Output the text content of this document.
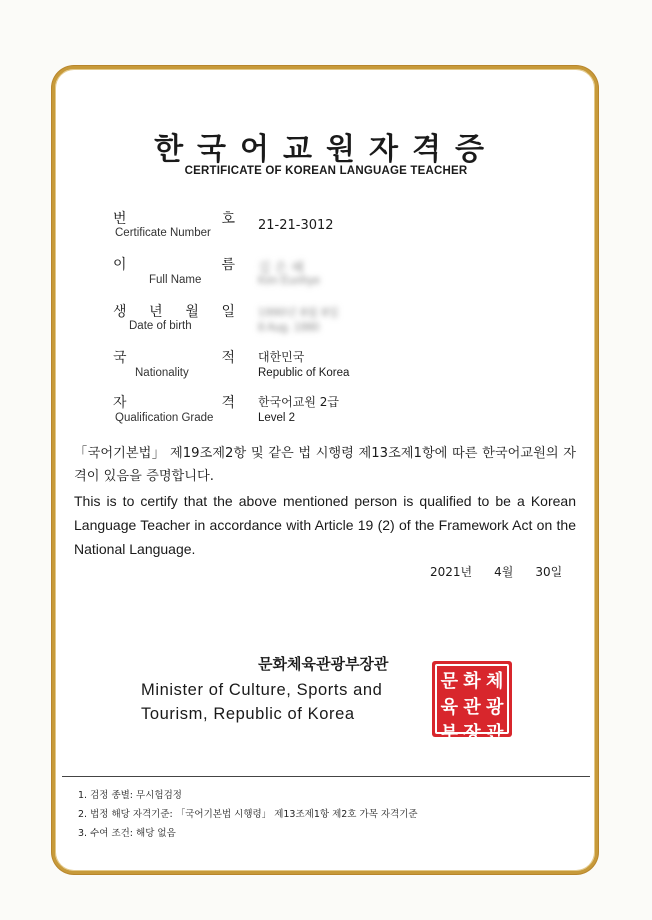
한국어교원자격증
CERTIFICATE OF KOREAN LANGUAGE TEACHER
번	호
Certificate Number	21-21-3012
이	름
Full Name
김 은 혜
Kim Eunhye
생 년 월 일
Date of birth
1990년 8월 8일
8 Aug. 1990
국	적
Nationality
대한민국
Republic of Korea
자	격
Qualification Grade
한국어교원 2급
Level 2
「국어기본법」 제19조제2항 및 같은 법 시행령 제13조제1항에 따른 한국어교원의 자격이 있음을 증명합니다.
This is to certify that the above mentioned person is qualified to be a Korean Language Teacher in accordance with Article 19 (2) of the Framework Act on the National Language.
2021년 4월 30일
문화체육관광부장관
Minister of Culture, Sports and
Tourism, Republic of Korea
문 화 체
육 관 광
부 장 관
1. 검정 종별: 무시험검정
2. 법정 해당 자격기준: 「국어기본법 시행령」 제13조제1항 제2호 가목 자격기준
3. 수여 조건: 해당 없음
